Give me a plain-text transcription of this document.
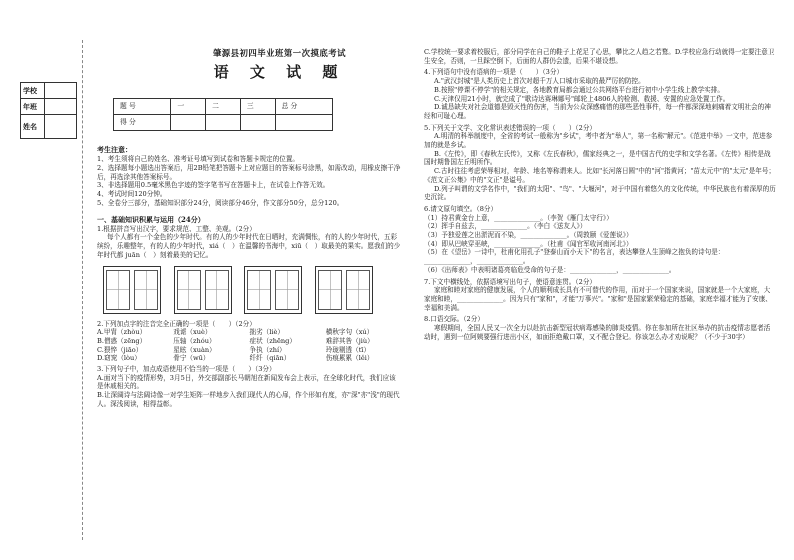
学校	
年班	
姓名	
肇源县初四毕业班第一次摸底考试
语 文 试 题
题 号	一	二	三	总 分
得 分				

考生注意：

1、考生须将自己的姓名、准考证号填写到试卷和答题卡规定的位置。

2、选择题每小题选出答案后，用2B铅笔把答题卡上对应题目的答案标号涂黑，如需改动，用橡皮擦干净后，再选涂其他答案标号。

3、非选择题用0.5毫米黑色字迹的签字笔书写在答题卡上，在试卷上作答无效。

4、考试时间120分钟。

5、全卷分三部分，基础知识部分24分，阅读部分46分，作文部分50分，总分120。

一、基础知识积累与运用（24分）

1.根据拼音写出汉字，要求规范、工整、美观。（2分）

每个人都有一个金色的少年时代。有的人的少年时代在日晒时，充满惆怅，有的人的少年时代，五彩缤纷，乐趣整年，有的人的少年时代，xiá（　）在温馨的书海中，xiū（　）取最美的果实。愿我们的少年时代都 juān（　）刻着最美的记忆。

2.下列加点字的注音完全正确的一项是（　　）（2分）

A.甲胄（zhòu）	戏谑（xuè）	拙劣（liè）	横秋字句（xú）
B.僧惑（zēng）	压轴（zhóu）	症状（zhēng）	难辞其咎（jiù）
C.猥悴（jiāo）	星眩（xuàn）	争执（zhí）	玲珑剔透（tī）
D.窈窕（lòu）	骨宁（wū）	纤纤（qiān）	伤痕累累（lěi）

3.下列句子中，加点成语使用不恰当的一项是（　　）（3分）

A.面对当下的疫情形势，3月5日，外交部副部长马朝旭在新闻发布会上表示，在全球化时代，我们应该是休戚相关的。

B.让深阔诗与法阔诗像一对学生矩阵一样地步入我们现代人的心扉，作个形如有度，亦"深"亦"浅"的现代人。深浅阅读，相得益彰。

C.学校统一要求着校服后，部分同学在自己的鞋子上花足了心思，攀比之人趋之若鹜。D.学校应急行动就得一定要注意卫生安全，否则，一旦踩空倒下，后面的人群仍会遗，后果不堪设想。

4.下列语句中没有语病的一项是（　　）（3分）

A."武汉封城"是人类历史上首次对超千万人口城市采取的最严厉的防控。

B.按照"停课不停学"的相关规定，各地教育局都会通过公共网络平台进行初中小学生线上教学实排。

C.天津仅用21小时，就完成了"歌诗达赛琳娜号"邮轮上4806人的检测、救援、安置的应急处置工作。

D.诚恳缺失对社会道德是毁灭性的伤害，当前为公众深感痛惜的那些恶性事件，每一件都深深地刺痛着文明社会的神经和可耻心理。

5.下列关于文学、文化常识表述错误的一项（　　）（2分）

A.明清的科举制度中，全省的考试一般称为"乡试"，考中者为"举人"，第一名称"解元"。《范进中举》一文中，范进参加的就是乡试。

B.《左传》，即《春秋左氏传》，又称《左氏春秋》，儒家经典之一，是中国古代的史学和文学名著。《左传》相传是战国时期鲁国左丘明所作。

C.古时往往考虑荣辱相对，年龄、地名等称谓来人。比如"长河落日圆"中的"河"指黄河；"苗太元中"的"太元"是年号；《范文正公集》中的"文正"是谥号。

D.列子叫谓的文学名作中，"我们的太阳"、"鸟"、"大堰河"，对于中国有着悠久的文化传统，中华民族也有着深厚的历史沉淀。

6.请文原句填空。（8分）

（1）持君黄金台上意，______________。（李贺《雁门太守行》）

（2）挥手自兹去，______________。（李白《送友人》）

（3）予独爱莲之出淤泥而不染，______________。（周敦颐《爱莲说》）

（4）即从巴峡穿巫峡，______________。（杜甫《闻官军收河南河北》）

（5）在《望岳》一诗中，杜甫化用孔子"登泰山而小天下"的名言，表达攀登人生顶峰之抱负的诗句是：______________，______________。

（6）《出师表》中表明诸葛亮临危受命的句子是：______________，______________。

7.下文中横线处，依据语境写出句子，使语意连贯。（2分）

家庭和睦对家庭的健康发展，个人的顺利成长具有不可替代的作用，而对于一个国家来说，国家就是一个大家庭，大家庭和睦，______________。因为只有"家和"，才能"万事兴"。"家和"是国家繁荣稳定的基础，家庭幸福才能为了安康、幸福和美满。

8.口语交际。（2分）

寒假期间，全国人民又一次全力以赴抗击新型冠状病毒感染的肺炎疫情。你在参加所在社区举办的抗击疫情志愿者活动时，遇到一位阿姨要强行进出小区，如面拒绝戴口罩，又不配合登记。你该怎么办才劝说呢？（不少于30字）
